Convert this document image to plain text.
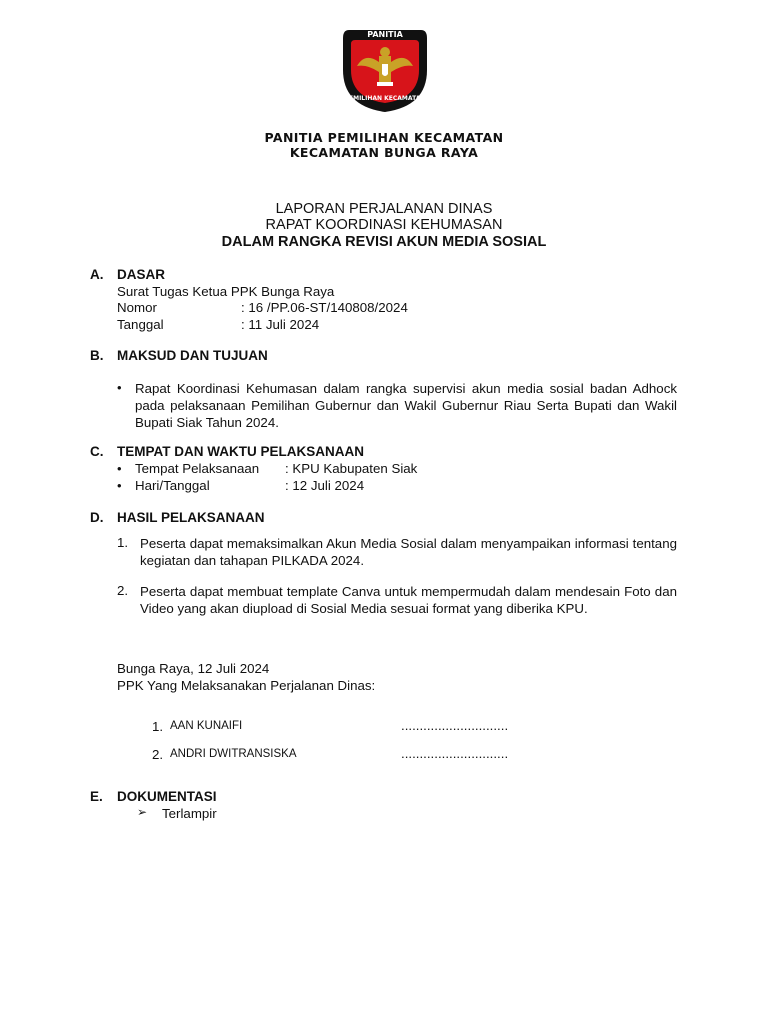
PANITIA
PEMILIHAN KECAMATAN
PANITIA PEMILIHAN KECAMATAN
KECAMATAN BUNGA RAYA
LAPORAN PERJALANAN DINAS
RAPAT KOORDINASI KEHUMASAN
DALAM RANGKA REVISI AKUN MEDIA SOSIAL
A. DASAR
Surat Tugas Ketua PPK Bunga Raya
Nomor	: 16 /PP.06-ST/140808/2024
Tanggal	: 11 Juli 2024
B. MAKSUD DAN TUJUAN
• Rapat Koordinasi Kehumasan dalam rangka supervisi akun media sosial badan Adhock pada pelaksanaan Pemilihan Gubernur dan Wakil Gubernur Riau Serta Bupati dan Wakil Bupati Siak Tahun 2024.
C. TEMPAT DAN WAKTU PELAKSANAAN
• Tempat Pelaksanaan : KPU Kabupaten Siak
• Hari/Tanggal	: 12 Juli 2024
D. HASIL PELAKSANAAN
1. Peserta dapat memaksimalkan Akun Media Sosial dalam menyampaikan informasi tentang kegiatan dan tahapan PILKADA 2024.
2. Peserta dapat membuat template Canva untuk mempermudah dalam mendesain Foto dan Video yang akan diupload di Sosial Media sesuai format yang diberika KPU.
Bunga Raya, 12 Juli 2024
PPK Yang Melaksanakan Perjalanan Dinas:
1. AAN KUNAIFI	.............................
2. ANDRI DWITRANSISKA	.............................
E. DOKUMENTASI
➢ Terlampir
